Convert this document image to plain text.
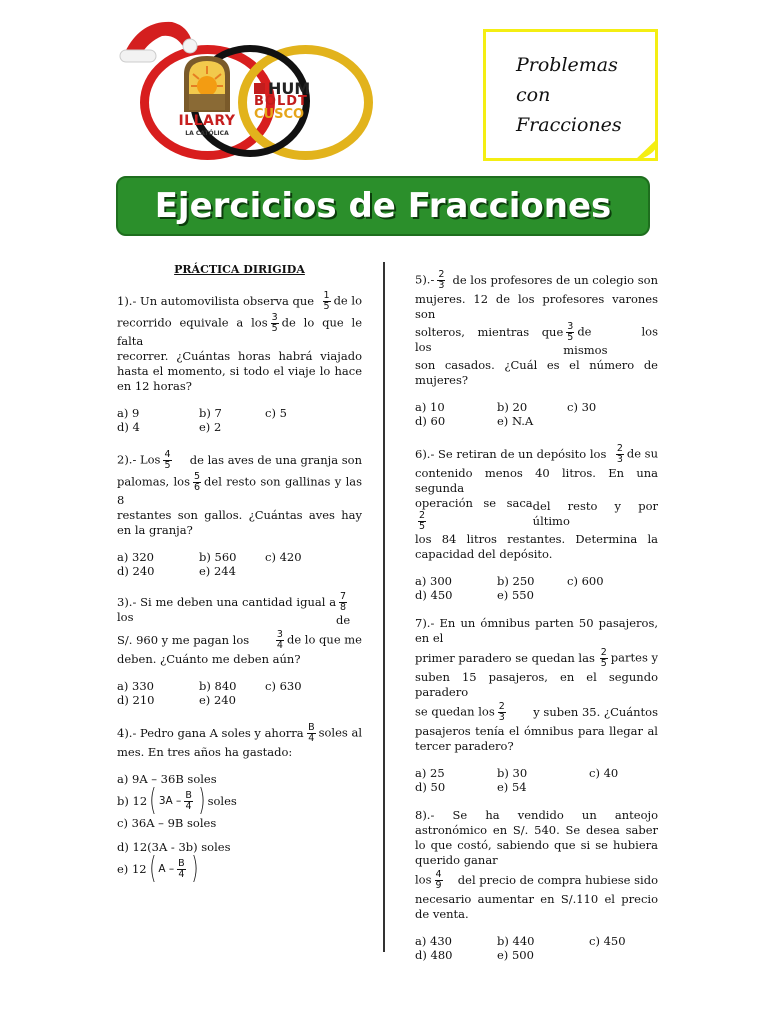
ILLARY
LA CATÓLICA
HUM
BOLDT
CUSCO
Problemas
con
Fracciones
Ejercicios de Fracciones
PRÁCTICA DIRIGIDA
1).- Un automovilista observa que $\frac{1}{5}$ de lo
recorrido equivale a los $\frac{3}{5}$ de lo que le falta
recorrer. ¿Cuántas horas habrá viajado hasta el momento, si todo el viaje lo hace en 12 horas?
a) 9	b) 7	c) 5
d) 4	e) 2
2).- Los $\frac{4}{5}$ de las aves de una granja son
palomas, los $\frac{5}{6}$ del resto son gallinas y las 8
restantes son gallos. ¿Cuántas aves hay en la granja?
a) 320	b) 560	c) 420
d) 240	e) 244
3).- Si me deben una cantidad igual a los
$\frac{7}{8}$
de
S/. 960 y me pagan los	$\frac{3}{4}$ de lo que me
deben. ¿Cuánto me deben aún?
a) 330	b) 840	c) 630
d) 210	e) 240
4).- Pedro gana A soles y ahorra $\frac{B}{4}$ soles al
mes. En tres años ha gastado:
a) 9A – 36B soles
b) 12 ( $3A - \frac{B}{4}$ ) soles
c) 36A – 9B soles
d) 12(3A - 3b) soles
e) 12 ( A – $\frac{B}{4}$ )
$5).- \frac{2}{3}$ de los profesores de un colegio son
mujeres. 12 de los profesores varones son
solteros, mientras que los
$\frac{3}{5}$ de los mismos
son casados. ¿Cuál es el número de mujeres?
a) 10	b) 20	c) 30
d) 60	e) N.A
6).- Se retiran de un depósito los $\frac{2}{3}$ de su
contenido menos 40 litros. En una segunda
operación se saca
$\frac{2}{5}$
del resto y por último
los 84 litros restantes. Determina la capacidad del depósito.
a) 300	b) 250	c) 600
d) 450	e) 550
7).- En un ómnibus parten 50 pasajeros, en el
primer paradero se quedan las $\frac{2}{5}$ partes y
suben 15 pasajeros, en el segundo paradero
se quedan los $\frac{2}{3}$ y suben 35. ¿Cuántos
pasajeros tenía el ómnibus para llegar al tercer paradero?
a) 25	b) 30	c) 40
d) 50	e) 54
8).- Se ha vendido un anteojo astronómico en S/. 540. Se desea saber lo que costó, sabiendo que si se hubiera querido ganar
los $\frac{4}{9}$ del precio de compra hubiese sido
necesario aumentar en S/.110 el precio de venta.
a) 430	b) 440	c) 450
d) 480	e) 500
